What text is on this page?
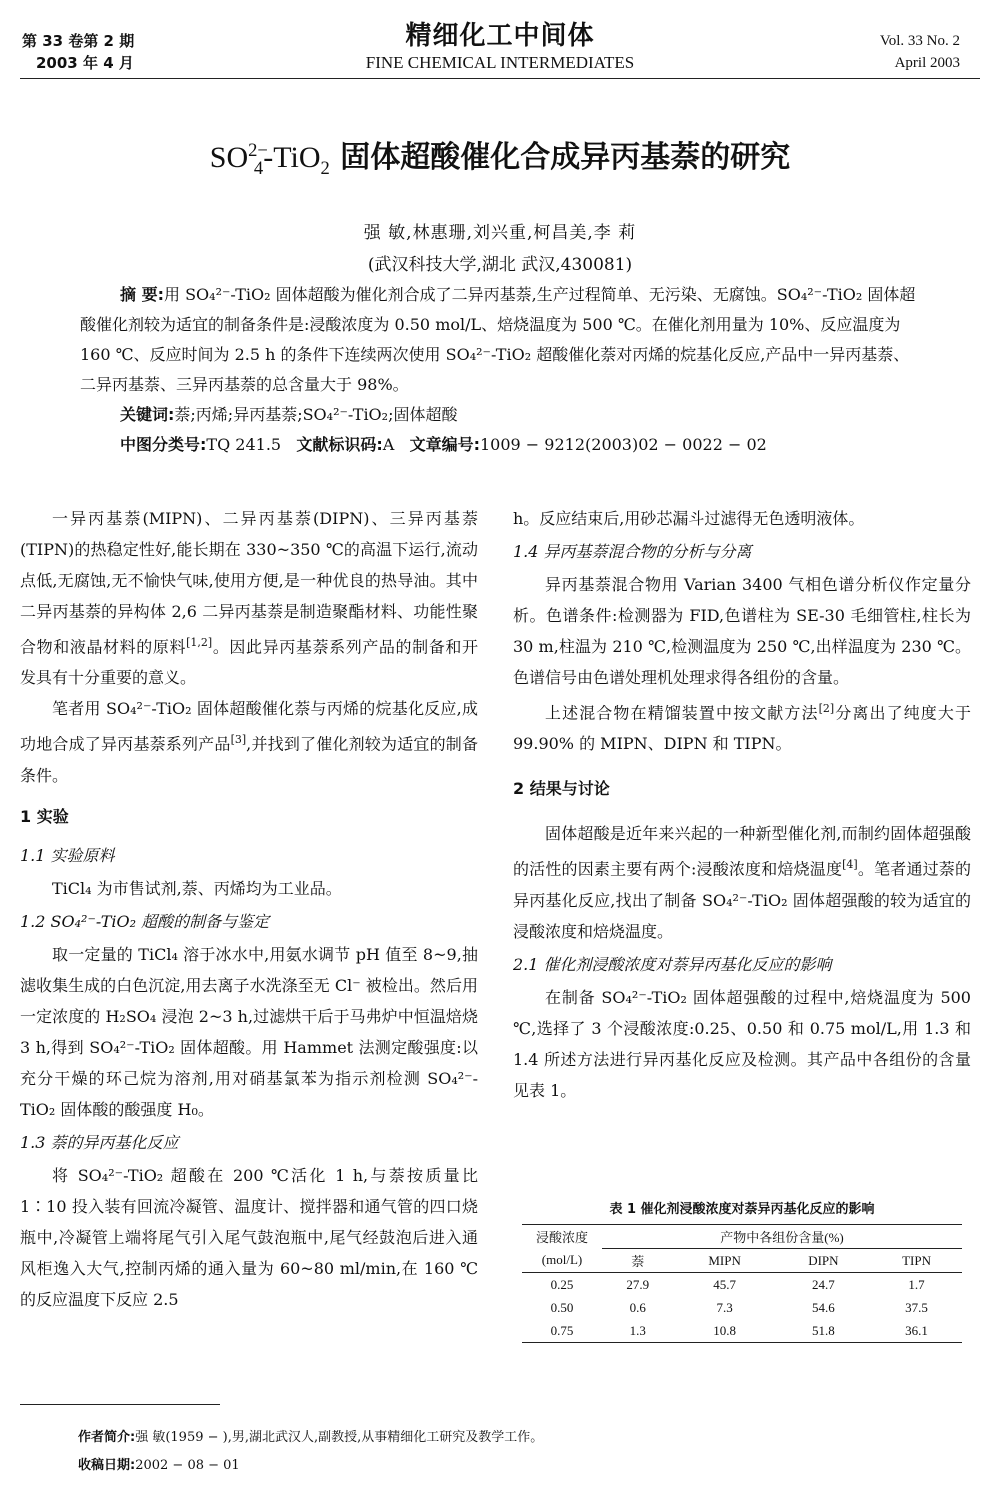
第 33 卷第 2 期
2003 年 4 月
精细化工中间体
FINE CHEMICAL INTERMEDIATES
Vol. 33 No. 2
April 2003
$SO^{2-}_4-TiO_2$ 固体超酸催化合成异丙基萘的研究
强 敏,林惠珊,刘兴重,柯昌美,李 莉
(武汉科技大学,湖北 武汉,430081)

摘 要:用 SO₄²⁻-TiO₂ 固体超酸为催化剂合成了二异丙基萘,生产过程简单、无污染、无腐蚀。SO₄²⁻-TiO₂ 固体超酸催化剂较为适宜的制备条件是:浸酸浓度为 0.50 mol/L、焙烧温度为 500 ℃。在催化剂用量为 10%、反应温度为 160 ℃、反应时间为 2.5 h 的条件下连续两次使用 SO₄²⁻-TiO₂ 超酸催化萘对丙烯的烷基化反应,产品中一异丙基萘、二异丙基萘、三异丙基萘的总含量大于 98%。

关键词:萘;丙烯;异丙基萘;SO₄²⁻-TiO₂;固体超酸
中图分类号:TQ 241.5 文献标识码:A 文章编号:1009 − 9212(2003)02 − 0022 − 02

一异丙基萘(MIPN)、二异丙基萘(DIPN)、三异丙基萘(TIPN)的热稳定性好,能长期在 330~350 ℃的高温下运行,流动点低,无腐蚀,无不愉快气味,使用方便,是一种优良的热导油。其中二异丙基萘的异构体 2,6 二异丙基萘是制造聚酯材料、功能性聚合物和液晶材料的原料[1,2]。因此异丙基萘系列产品的制备和开发具有十分重要的意义。

笔者用 SO₄²⁻-TiO₂ 固体超酸催化萘与丙烯的烷基化反应,成功地合成了异丙基萘系列产品[3],并找到了催化剂较为适宜的制备条件。

1 实验
1.1 实验原料

TiCl₄ 为市售试剂,萘、丙烯均为工业品。

1.2 SO₄²⁻-TiO₂ 超酸的制备与鉴定

取一定量的 TiCl₄ 溶于冰水中,用氨水调节 pH 值至 8~9,抽滤收集生成的白色沉淀,用去离子水洗涤至无 Cl⁻ 被检出。然后用一定浓度的 H₂SO₄ 浸泡 2~3 h,过滤烘干后于马弗炉中恒温焙烧 3 h,得到 SO₄²⁻-TiO₂ 固体超酸。用 Hammet 法测定酸强度:以充分干燥的环己烷为溶剂,用对硝基氯苯为指示剂检测 SO₄²⁻-TiO₂ 固体酸的酸强度 H₀。

1.3 萘的异丙基化反应

将 SO₄²⁻-TiO₂ 超酸在 200 ℃活化 1 h,与萘按质量比 1∶10 投入装有回流冷凝管、温度计、搅拌器和通气管的四口烧瓶中,冷凝管上端将尾气引入尾气鼓泡瓶中,尾气经鼓泡后进入通风柜逸入大气,控制丙烯的通入量为 60~80 ml/min,在 160 ℃的反应温度下反应 2.5

h。反应结束后,用砂芯漏斗过滤得无色透明液体。

1.4 异丙基萘混合物的分析与分离

异丙基萘混合物用 Varian 3400 气相色谱分析仪作定量分析。色谱条件:检测器为 FID,色谱柱为 SE-30 毛细管柱,柱长为 30 m,柱温为 210 ℃,检测温度为 250 ℃,出样温度为 230 ℃。色谱信号由色谱处理机处理求得各组份的含量。

上述混合物在精馏装置中按文献方法[2]分离出了纯度大于 99.90% 的 MIPN、DIPN 和 TIPN。

2 结果与讨论

固体超酸是近年来兴起的一种新型催化剂,而制约固体超强酸的活性的因素主要有两个:浸酸浓度和焙烧温度[4]。笔者通过萘的异丙基化反应,找出了制备 SO₄²⁻-TiO₂ 固体超强酸的较为适宜的浸酸浓度和焙烧温度。

2.1 催化剂浸酸浓度对萘异丙基化反应的影响

在制备 SO₄²⁻-TiO₂ 固体超强酸的过程中,焙烧温度为 500 ℃,选择了 3 个浸酸浓度:0.25、0.50 和 0.75 mol/L,用 1.3 和 1.4 所述方法进行异丙基化反应及检测。其产品中各组份的含量见表 1。

表 1 催化剂浸酸浓度对萘异丙基化反应的影响
浸酸浓度	产物中各组份含量(%)			
(mol/L)	萘	MIPN	DIPN	TIPN
0.25	27.9	45.7	24.7	1.7
0.50	0.6	7.3	54.6	37.5
0.75	1.3	10.8	51.8	36.1
作者简介:强 敏(1959 − ),男,湖北武汉人,副教授,从事精细化工研究及教学工作。
收稿日期:2002 − 08 − 01
